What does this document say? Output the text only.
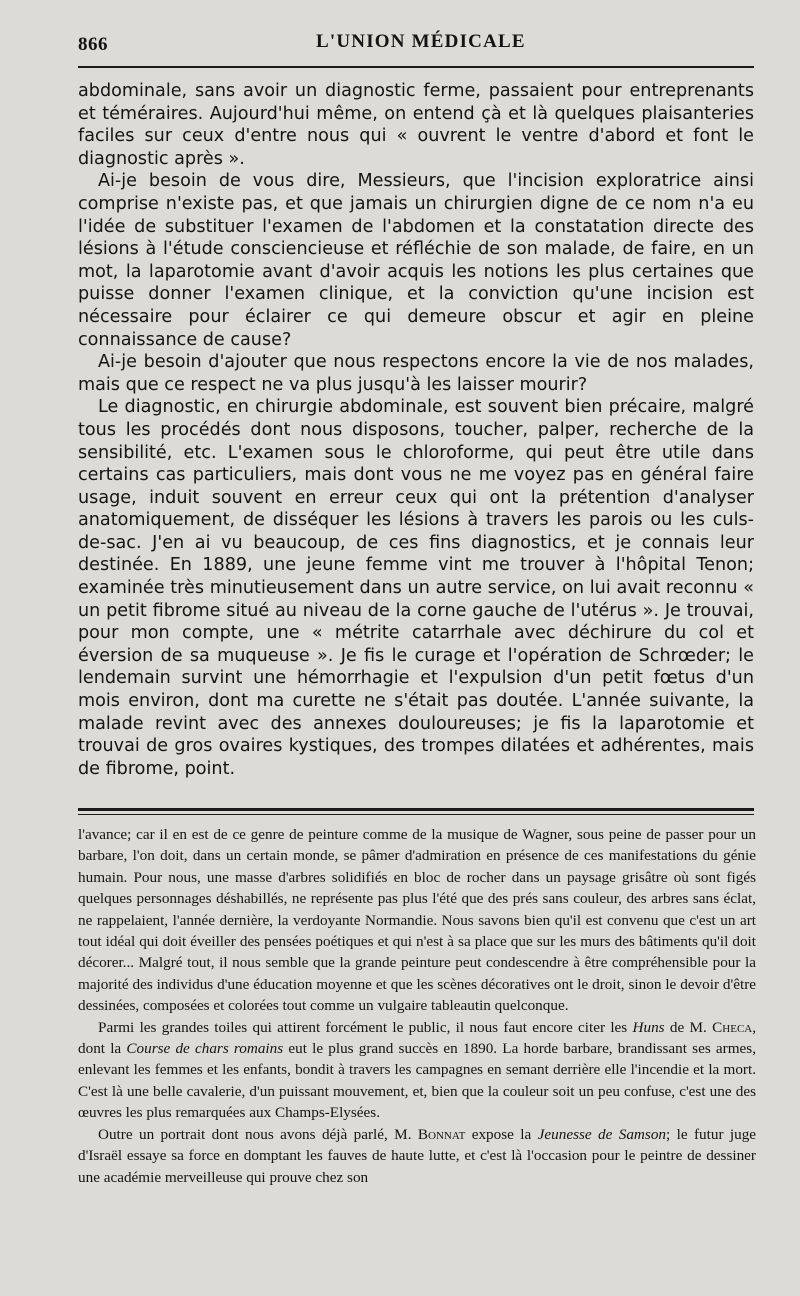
866	L'UNION MÉDICALE

abdominale, sans avoir un diagnostic ferme, passaient pour entreprenants et téméraires. Aujourd'hui même, on entend çà et là quelques plaisanteries faciles sur ceux d'entre nous qui « ouvrent le ventre d'abord et font le diagnostic après ».

Ai-je besoin de vous dire, Messieurs, que l'incision exploratrice ainsi comprise n'existe pas, et que jamais un chirurgien digne de ce nom n'a eu l'idée de substituer l'examen de l'abdomen et la constatation directe des lésions à l'étude consciencieuse et réfléchie de son malade, de faire, en un mot, la laparotomie avant d'avoir acquis les notions les plus certaines que puisse donner l'examen clinique, et la conviction qu'une incision est nécessaire pour éclairer ce qui demeure obscur et agir en pleine connaissance de cause?

Ai-je besoin d'ajouter que nous respectons encore la vie de nos malades, mais que ce respect ne va plus jusqu'à les laisser mourir?

Le diagnostic, en chirurgie abdominale, est souvent bien précaire, malgré tous les procédés dont nous disposons, toucher, palper, recherche de la sensibilité, etc. L'examen sous le chloroforme, qui peut être utile dans certains cas particuliers, mais dont vous ne me voyez pas en général faire usage, induit souvent en erreur ceux qui ont la prétention d'analyser anatomiquement, de disséquer les lésions à travers les parois ou les culs-de-sac. J'en ai vu beaucoup, de ces fins diagnostics, et je connais leur destinée. En 1889, une jeune femme vint me trouver à l'hôpital Tenon; examinée très minutieusement dans un autre service, on lui avait reconnu « un petit fibrome situé au niveau de la corne gauche de l'utérus ». Je trouvai, pour mon compte, une « métrite catarrhale avec déchirure du col et éversion de sa muqueuse ». Je fis le curage et l'opération de Schrœder; le lendemain survint une hémorrhagie et l'expulsion d'un petit fœtus d'un mois environ, dont ma curette ne s'était pas doutée. L'année suivante, la malade revint avec des annexes douloureuses; je fis la laparotomie et trouvai de gros ovaires kystiques, des trompes dilatées et adhérentes, mais de fibrome, point.

l'avance; car il en est de ce genre de peinture comme de la musique de Wagner, sous peine de passer pour un barbare, l'on doit, dans un certain monde, se pâmer d'admiration en présence de ces manifestations du génie humain. Pour nous, une masse d'arbres solidifiés en bloc de rocher dans un paysage grisâtre où sont figés quelques personnages déshabillés, ne représente pas plus l'été que des prés sans couleur, des arbres sans éclat, ne rappelaient, l'année dernière, la verdoyante Normandie. Nous savons bien qu'il est convenu que c'est un art tout idéal qui doit éveiller des pensées poétiques et qui n'est à sa place que sur les murs des bâtiments qu'il doit décorer... Malgré tout, il nous semble que la grande peinture peut condescendre à être compréhensible pour la majorité des individus d'une éducation moyenne et que les scènes décoratives ont le droit, sinon le devoir d'être dessinées, composées et colorées tout comme un vulgaire tableautin quelconque.

Parmi les grandes toiles qui attirent forcément le public, il nous faut encore citer les Huns de M. Checa, dont la Course de chars romains eut le plus grand succès en 1890. La horde barbare, brandissant ses armes, enlevant les femmes et les enfants, bondit à travers les campagnes en semant derrière elle l'incendie et la mort. C'est là une belle cavalerie, d'un puissant mouvement, et, bien que la couleur soit un peu confuse, c'est une des œuvres les plus remarquées aux Champs-Elysées.

Outre un portrait dont nous avons déjà parlé, M. Bonnat expose la Jeunesse de Samson; le futur juge d'Israël essaye sa force en domptant les fauves de haute lutte, et c'est là l'occasion pour le peintre de dessiner une académie merveilleuse qui prouve chez son
